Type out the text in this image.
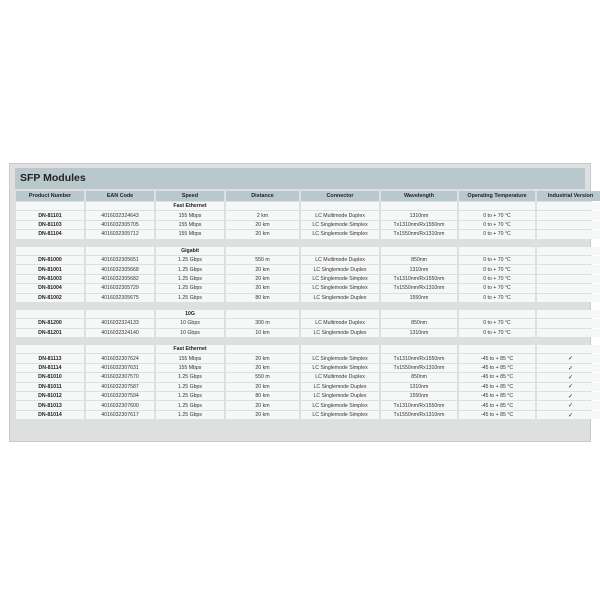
SFP Modules
Product Number	EAN Code	Speed	Distance	Connector	Wavelength	Operating Temperature	Industrial Version
		Fast Ethernet					
DN-81101	4016032324643	155 Mbps	2 km	LC Multimode Duplex	1310nm	0 to + 70 °C	
DN-81103	4016032305705	155 Mbps	20 km	LC Singlemode Simplex	Tx1310nm/Rx1550nm	0 to + 70 °C	
DN-81104	4016032305712	155 Mbps	20 km	LC Singlemode Simplex	Tx1550nm/Rx1310nm	0 to + 70 °C	

		Gigabit					
DN-81000	4016032305651	1.25 Gbps	550 m	LC Multimode Duplex	850nm	0 to + 70 °C	
DN-81001	4016032305668	1.25 Gbps	20 km	LC Singlemode Duplex	1310nm	0 to + 70 °C	
DN-81003	4016032305682	1.25 Gbps	20 km	LC Singlemode Simplex	Tx1310nm/Rx1550nm	0 to + 70 °C	
DN-81004	4016032305729	1.25 Gbps	20 km	LC Singlemode Simplex	Tx1550nm/Rx1310nm	0 to + 70 °C	
DN-81002	4016032305675	1.25 Gbps	80 km	LC Singlemode Duplex	1550nm	0 to + 70 °C	

		10G					
DN-81200	4016032324133	10 Gbps	300 m	LC Multimode Duplex	850nm	0 to + 70 °C	
DN-81201	4016032324140	10 Gbps	10 km	LC Singlemode Duplex	1310nm	0 to + 70 °C	

		Fast Ethernet					
DN-81113	4016032307624	155 Mbps	20 km	LC Singlemode Simplex	Tx1310nm/Rx1550nm	-45 to + 85 °C	✓
DN-81114	4016032307631	155 Mbps	20 km	LC Singlemode Simplex	Tx1550nm/Rx1310nm	-45 to + 85 °C	✓
DN-81010	4016032307570	1.25 Gbps	550 m	LC Multimode Duplex	850nm	-45 to + 85 °C	✓
DN-81011	4016032307587	1.25 Gbps	20 km	LC Singlemode Duplex	1310nm	-45 to + 85 °C	✓
DN-81012	4016032307594	1.25 Gbps	80 km	LC Singlemode Duplex	1550nm	-45 to + 85 °C	✓
DN-81013	4016032307600	1.25 Gbps	20 km	LC Singlemode Simplex	Tx1310nm/Rx1550nm	-45 to + 85 °C	✓
DN-81014	4016032307617	1.25 Gbps	20 km	LC Singlemode Simplex	Tx1550nm/Rx1310nm	-45 to + 85 °C	✓
